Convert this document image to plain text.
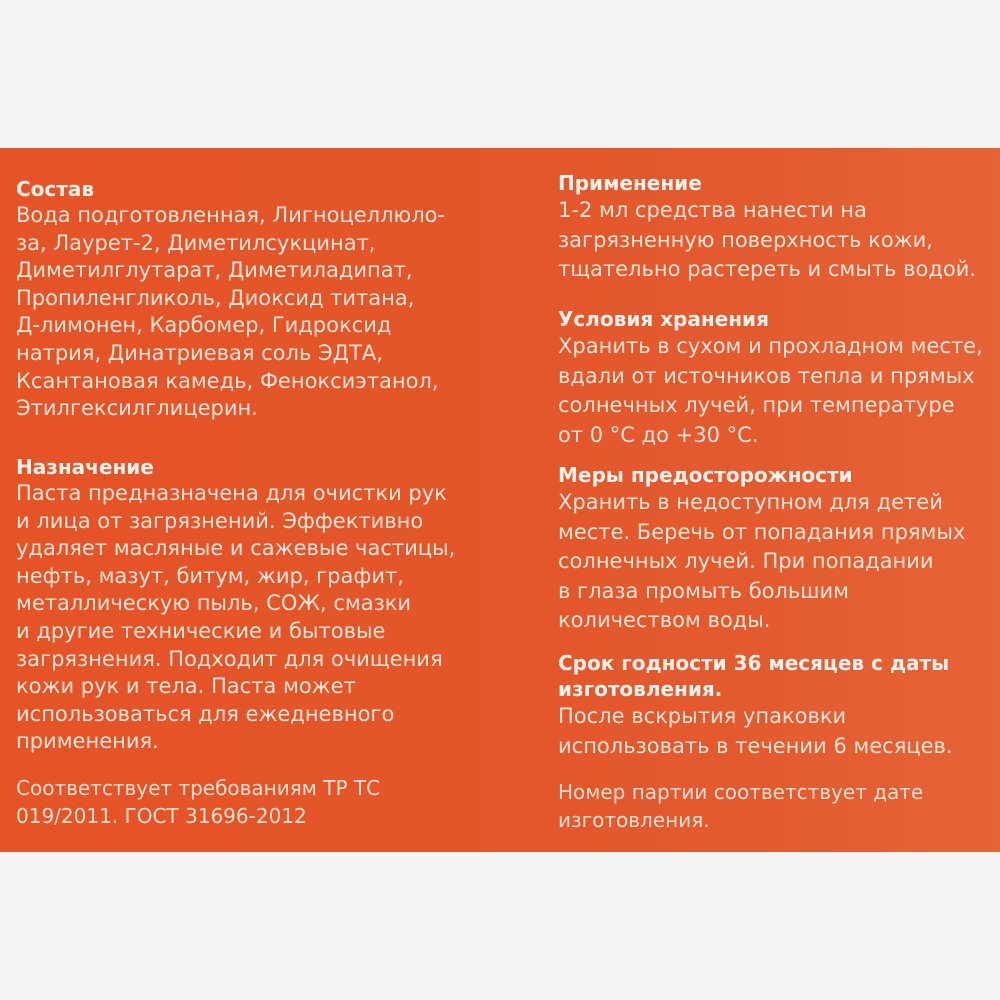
Состав

Вода подготовленная, Лигноцеллюло-
за, Лаурет-2, Диметилсукцинат,
Диметилглутарат, Диметиладипат,
Пропиленгликоль, Диоксид титана,
Д-лимонен, Карбомер, Гидроксид
натрия, Динатриевая соль ЭДТА,
Ксантановая камедь, Феноксиэтанол,
Этилгексилглицерин.

Назначение

Паста предназначена для очистки рук
и лица от загрязнений. Эффективно
удаляет масляные и сажевые частицы,
нефть, мазут, битум, жир, графит,
металлическую пыль, СОЖ, смазки
и другие технические и бытовые
загрязнения. Подходит для очищения
кожи рук и тела. Паста может
использоваться для ежедневного
применения.

Соответствует требованиям ТР ТС
019/2011. ГОСТ 31696-2012

Применение

1-2 мл средства нанести на
загрязненную поверхность кожи,
тщательно растереть и смыть водой.

Условия хранения

Хранить в сухом и прохладном месте,
вдали от источников тепла и прямых
солнечных лучей, при температуре
от 0 °С до +30 °С.

Меры предосторожности

Хранить в недоступном для детей
месте. Беречь от попадания прямых
солнечных лучей. При попадании
в глаза промыть большим
количеством воды.

Срок годности 36 месяцев с даты
изготовления.

После вскрытия упаковки
использовать в течении 6 месяцев.

Номер партии соответствует дате
изготовления.
